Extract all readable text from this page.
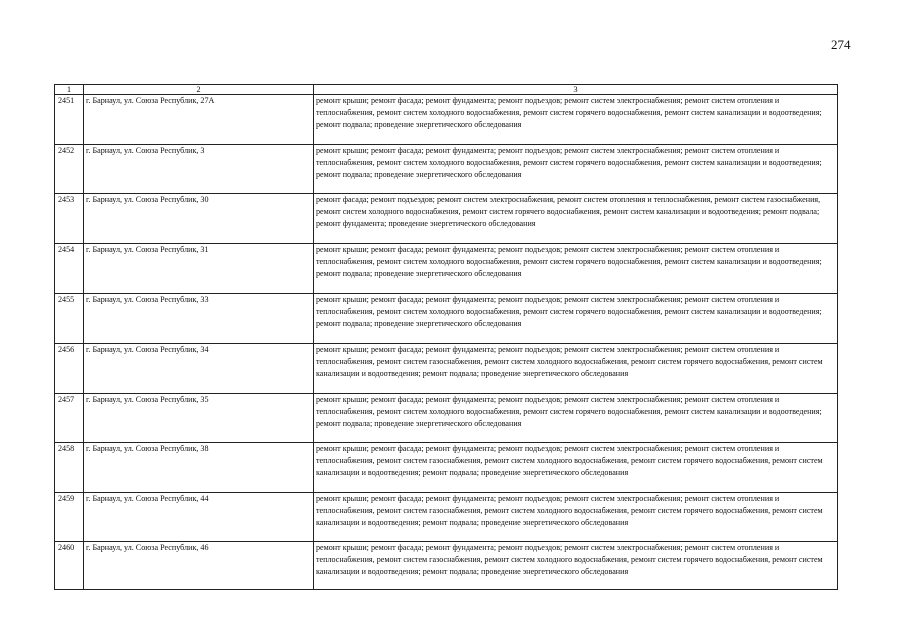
274
1	2	3
2451	г. Барнаул, ул. Союза Республик, 27А	ремонт крыши; ремонт фасада; ремонт фундамента; ремонт подъездов; ремонт систем электроснабжения; ремонт систем отопления и теплоснабжения, ремонт систем холодного водоснабжения, ремонт систем горячего водоснабжения, ремонт систем канализации и водоотведения; ремонт подвала; проведение энергетического обследования
2452	г. Барнаул, ул. Союза Республик, 3	ремонт крыши; ремонт фасада; ремонт фундамента; ремонт подъездов; ремонт систем электроснабжения; ремонт систем отопления и теплоснабжения, ремонт систем холодного водоснабжения, ремонт систем горячего водоснабжения, ремонт систем канализации и водоотведения; ремонт подвала; проведение энергетического обследования
2453	г. Барнаул, ул. Союза Республик, 30	ремонт фасада; ремонт подъездов; ремонт систем электроснабжения, ремонт систем отопления и теплоснабжения, ремонт систем газоснабжения, ремонт систем холодного водоснабжения, ремонт систем горячего водоснабжения, ремонт систем канализации и водоотведения; ремонт подвала; ремонт фундамента; проведение энергетического обследования
2454	г. Барнаул, ул. Союза Республик, 31	ремонт крыши; ремонт фасада; ремонт фундамента; ремонт подъездов; ремонт систем электроснабжения; ремонт систем отопления и теплоснабжения, ремонт систем холодного водоснабжения, ремонт систем горячего водоснабжения, ремонт систем канализации и водоотведения; ремонт подвала; проведение энергетического обследования
2455	г. Барнаул, ул. Союза Республик, 33	ремонт крыши; ремонт фасада; ремонт фундамента; ремонт подъездов; ремонт систем электроснабжения; ремонт систем отопления и теплоснабжения, ремонт систем холодного водоснабжения, ремонт систем горячего водоснабжения, ремонт систем канализации и водоотведения; ремонт подвала; проведение энергетического обследования
2456	г. Барнаул, ул. Союза Республик, 34	ремонт крыши; ремонт фасада; ремонт фундамента; ремонт подъездов; ремонт систем электроснабжения; ремонт систем отопления и теплоснабжения, ремонт систем газоснабжения, ремонт систем холодного водоснабжения, ремонт систем горячего водоснабжения, ремонт систем канализации и водоотведения; ремонт подвала; проведение энергетического обследования
2457	г. Барнаул, ул. Союза Республик, 35	ремонт крыши; ремонт фасада; ремонт фундамента; ремонт подъездов; ремонт систем электроснабжения; ремонт систем отопления и теплоснабжения, ремонт систем холодного водоснабжения, ремонт систем горячего водоснабжения, ремонт систем канализации и водоотведения; ремонт подвала; проведение энергетического обследования
2458	г. Барнаул, ул. Союза Республик, 38	ремонт крыши; ремонт фасада; ремонт фундамента; ремонт подъездов; ремонт систем электроснабжения; ремонт систем отопления и теплоснабжения, ремонт систем газоснабжения, ремонт систем холодного водоснабжения, ремонт систем горячего водоснабжения, ремонт систем канализации и водоотведения; ремонт подвала; проведение энергетического обследования
2459	г. Барнаул, ул. Союза Республик, 44	ремонт крыши; ремонт фасада; ремонт фундамента; ремонт подъездов; ремонт систем электроснабжения; ремонт систем отопления и теплоснабжения, ремонт систем газоснабжения, ремонт систем холодного водоснабжения, ремонт систем горячего водоснабжения, ремонт систем канализации и водоотведения; ремонт подвала; проведение энергетического обследования
2460	г. Барнаул, ул. Союза Республик, 46	ремонт крыши; ремонт фасада; ремонт фундамента; ремонт подъездов; ремонт систем электроснабжения; ремонт систем отопления и теплоснабжения, ремонт систем газоснабжения, ремонт систем холодного водоснабжения, ремонт систем горячего водоснабжения, ремонт систем канализации и водоотведения; ремонт подвала; проведение энергетического обследования
